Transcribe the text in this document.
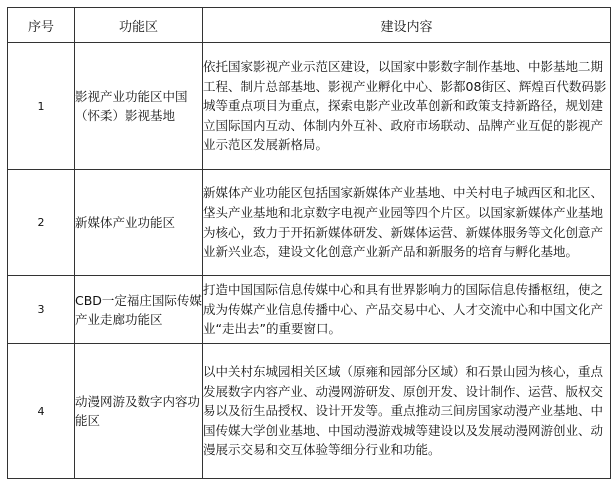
序号	功能区	建设内容
1	影视产业功能区中国（怀柔）影视基地	依托国家影视产业示范区建设，以国家中影数字制作基地、中影基地二期工程、制片总部基地、影视产业孵化中心、影都08街区、辉煌百代数码影城等重点项目为重点，探索电影产业改革创新和政策支持新路径，规划建立国际国内互动、体制内外互补、政府市场联动、品牌产业互促的影视产业示范区发展新格局。
2	新媒体产业功能区	新媒体产业功能区包括国家新媒体产业基地、中关村电子城西区和北区、垡头产业基地和北京数字电视产业园等四个片区。以国家新媒体产业基地为核心，致力于开拓新媒体研发、新媒体运营、新媒体服务等文化创意产业新兴业态，建设文化创意产业新产品和新服务的培育与孵化基地。
3	CBD一定福庄国际传媒产业走廊功能区	打造中国国际信息传媒中心和具有世界影响力的国际信息传播枢纽，使之成为传媒产业信息传播中心、产品交易中心、人才交流中心和中国文化产业“走出去”的重要窗口。
4	动漫网游及数字内容功能区	以中关村东城园相关区域（原雍和园部分区域）和石景山园为核心，重点发展数字内容产业、动漫网游研发、原创开发、设计制作、运营、版权交易以及衍生品授权、设计开发等。重点推动三间房国家动漫产业基地、中国传媒大学创业基地、中国动漫游戏城等建设以及发展动漫网游创业、动漫展示交易和交互体验等细分行业和功能。
